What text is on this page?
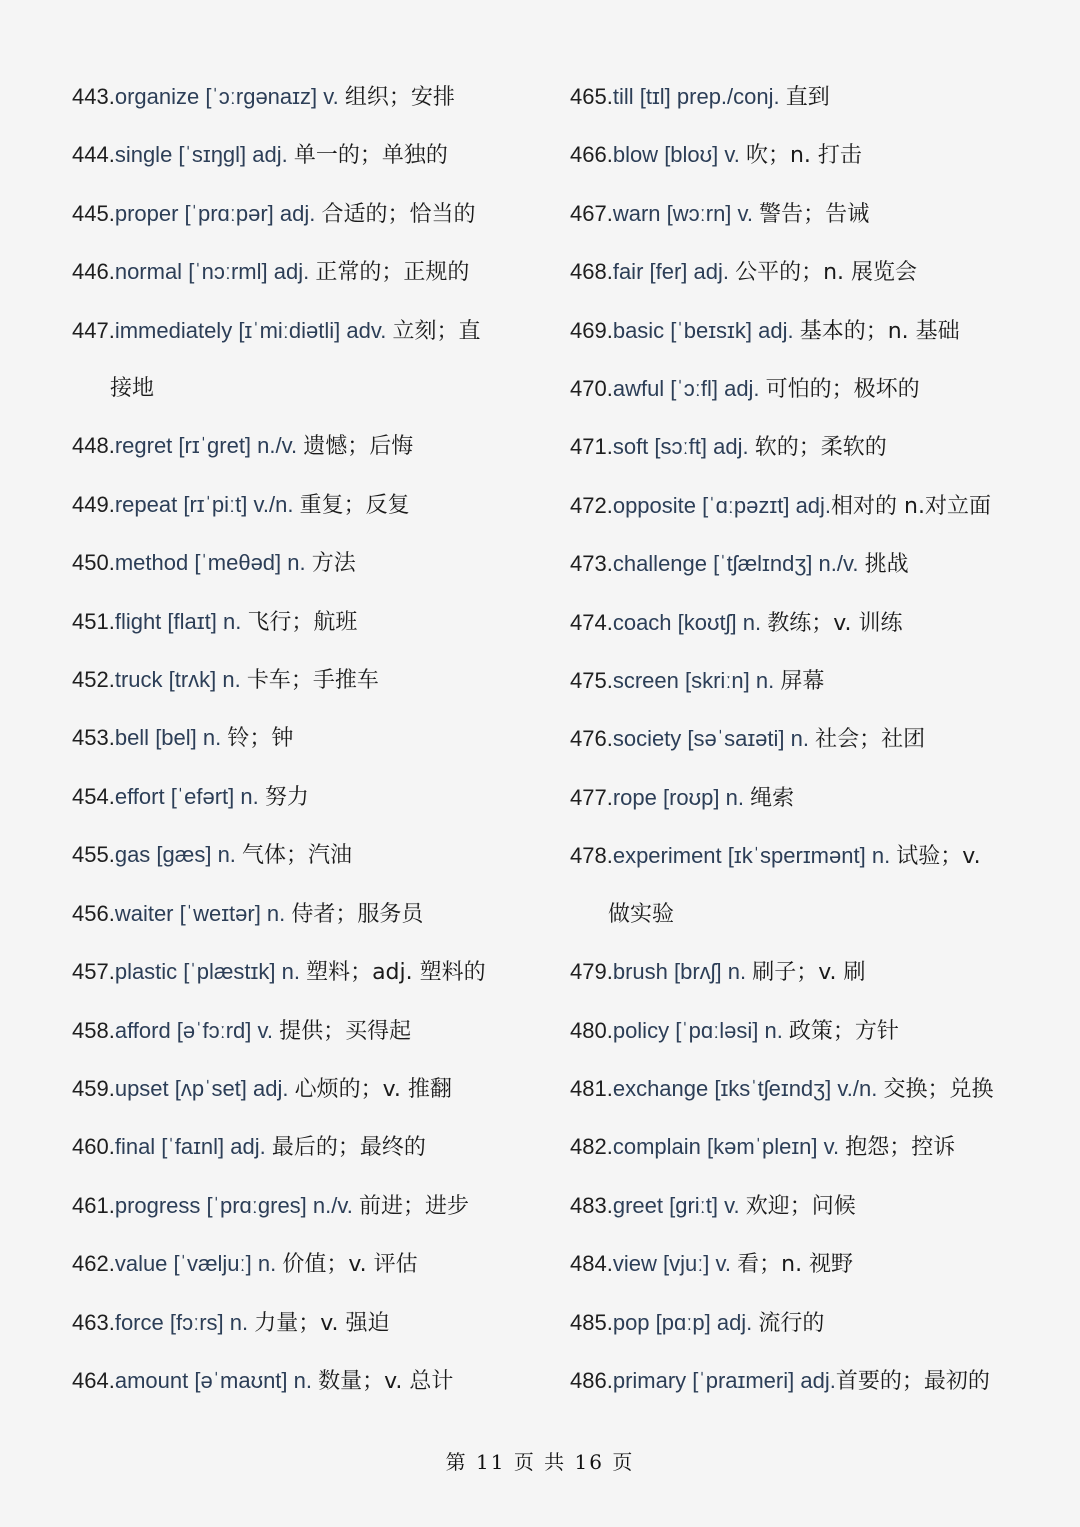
443.organize [ˈɔːrgənaɪz] v. 组织；安排
444.single [ˈsɪŋgl] adj. 单一的；单独的
445.proper [ˈprɑːpər] adj. 合适的；恰当的
446.normal [ˈnɔːrml] adj. 正常的；正规的
447.immediately [ɪˈmiːdiətli] adv. 立刻；直
接地
448.regret [rɪˈgret] n./v. 遗憾；后悔
449.repeat [rɪˈpiːt] v./n. 重复；反复
450.method [ˈmeθəd] n. 方法
451.flight [flaɪt] n. 飞行；航班
452.truck [trʌk] n. 卡车；手推车
453.bell [bel] n. 铃；钟
454.effort [ˈefərt] n. 努力
455.gas [gæs] n. 气体；汽油
456.waiter [ˈweɪtər] n. 侍者；服务员
457.plastic [ˈplæstɪk] n. 塑料；adj. 塑料的
458.afford [əˈfɔːrd] v. 提供；买得起
459.upset [ʌpˈset] adj. 心烦的；v. 推翻
460.final [ˈfaɪnl] adj. 最后的；最终的
461.progress [ˈprɑːgres] n./v. 前进；进步
462.value [ˈvæljuː] n. 价值；v. 评估
463.force [fɔːrs] n. 力量；v. 强迫
464.amount [əˈmaʊnt] n. 数量；v. 总计
465.till [tɪl] prep./conj. 直到
466.blow [bloʊ] v. 吹；n. 打击
467.warn [wɔːrn] v. 警告；告诫
468.fair [fer] adj. 公平的；n. 展览会
469.basic [ˈbeɪsɪk] adj. 基本的；n. 基础
470.awful [ˈɔːfl] adj. 可怕的；极坏的
471.soft [sɔːft] adj. 软的；柔软的
472.opposite [ˈɑːpəzɪt] adj.相对的 n.对立面
473.challenge [ˈtʃælɪndʒ] n./v. 挑战
474.coach [koʊtʃ] n. 教练；v. 训练
475.screen [skriːn] n. 屏幕
476.society [səˈsaɪəti] n. 社会；社团
477.rope [roʊp] n. 绳索
478.experiment [ɪkˈsperɪmənt] n. 试验；v.
做实验
479.brush [brʌʃ] n. 刷子；v. 刷
480.policy [ˈpɑːləsi] n. 政策；方针
481.exchange [ɪksˈtʃeɪndʒ] v./n. 交换；兑换
482.complain [kəmˈpleɪn] v. 抱怨；控诉
483.greet [griːt] v. 欢迎；问候
484.view [vjuː] v. 看；n. 视野
485.pop [pɑːp] adj. 流行的
486.primary [ˈpraɪmeri] adj.首要的；最初的
第 11 页 共 16 页
